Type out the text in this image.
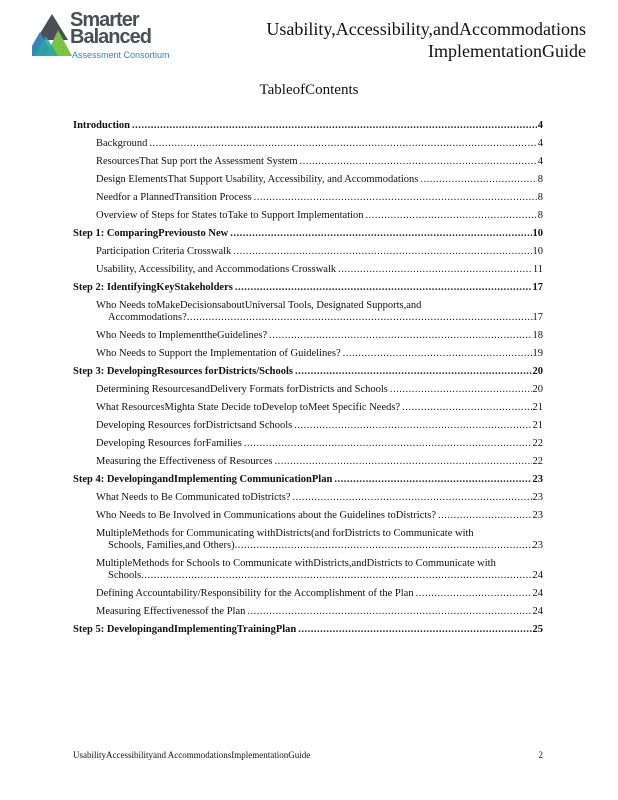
Smarter
Balanced
Assessment Consortium
Usability,Accessibility,andAccommodations
ImplementationGuide
TableofContents
Introduction .....	4
Background .....	4
ResourcesThat Sup port the Assessment System .....	4
Design ElementsThat Support Usability, Accessibility, and Accommodations .....	8
Needfor a PlannedTransition Process .....	8
Overview of Steps for States toTake to Support Implementation .....	8
Step 1: ComparingPreviousto New .....	10
Participation Criteria Crosswalk .....	10
Usability, Accessibility, and Accommodations Crosswalk .....	11
Step 2: IdentifyingKeyStakeholders .....	17
Who Needs toMakeDecisionsaboutUniversal Tools, Designated Supports,and
Accommodations? .....	17
Who Needs to ImplementtheGuidelines? .....	18
Who Needs to Support the Implementation of Guidelines? .....	19
Step 3: DevelopingResources forDistricts/Schools .....	20
Determining ResourcesandDelivery Formats forDistricts and Schools .....	20
What ResourcesMighta State Decide toDevelop toMeet Specific Needs? .....	21
Developing Resources forDistrictsand Schools .....	21
Developing Resources forFamilies .....	22
Measuring the Effectiveness of Resources .....	22
Step 4: DevelopingandImplementing CommunicationPlan .....	23
What Needs to Be Communicated toDistricts? .....	23
Who Needs to Be Involved in Communications about the Guidelines toDistricts? .....	23
MultipleMethods for Communicating withDistricts(and forDistricts to Communicate with
Schools, Families,and Others) .....	23
MultipleMethods for Schools to Communicate withDistricts,andDistricts to Communicate with
Schools .....	24
Defining Accountability/Responsibility for the Accomplishment of the Plan .....	24
Measuring Effectivenessof the Plan .....	24
Step 5: DevelopingandImplementingTrainingPlan .....	25
UsabilityAccessibilityand AccommodationsImplementationGuide	2
